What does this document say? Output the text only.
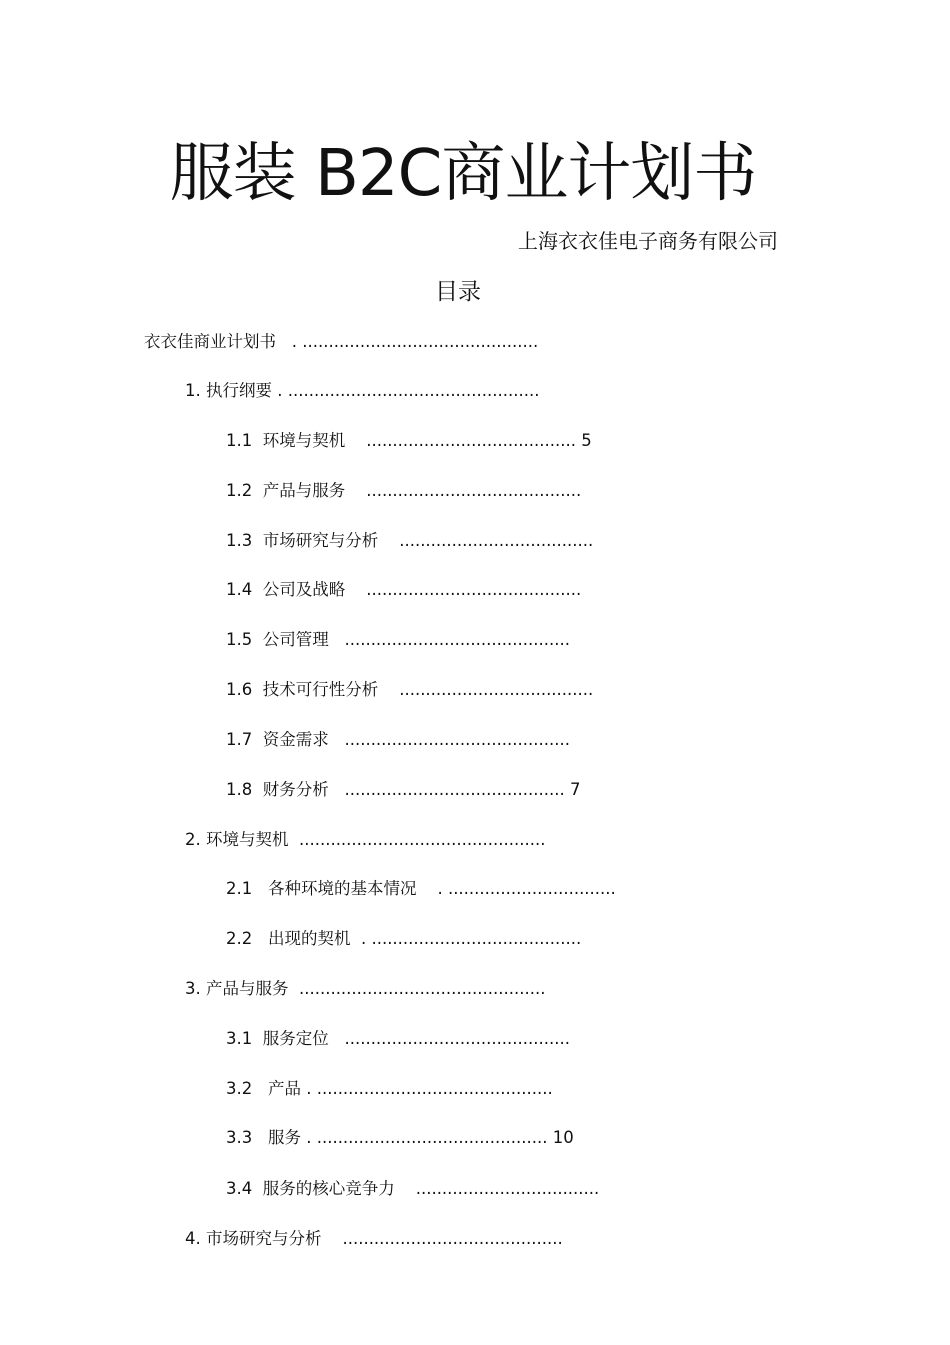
服装 B2C商业计划书
上海衣衣佳电子商务有限公司
目录
衣衣佳商业计划书   . .............................................
1. 执行纲要 . ................................................
1.1  环境与契机    ........................................ 5
1.2  产品与服务    .........................................
1.3  市场研究与分析    .....................................
1.4  公司及战略    .........................................
1.5  公司管理   ...........................................
1.6  技术可行性分析    .....................................
1.7  资金需求   ...........................................
1.8  财务分析   .......................................... 7
2. 环境与契机  ...............................................
2.1   各种环境的基本情况    . ................................
2.2   出现的契机  . ........................................
3. 产品与服务  ...............................................
3.1  服务定位   ...........................................
3.2   产品 . .............................................
3.3   服务 . ............................................ 10
3.4  服务的核心竞争力    ...................................
4. 市场研究与分析    ..........................................
